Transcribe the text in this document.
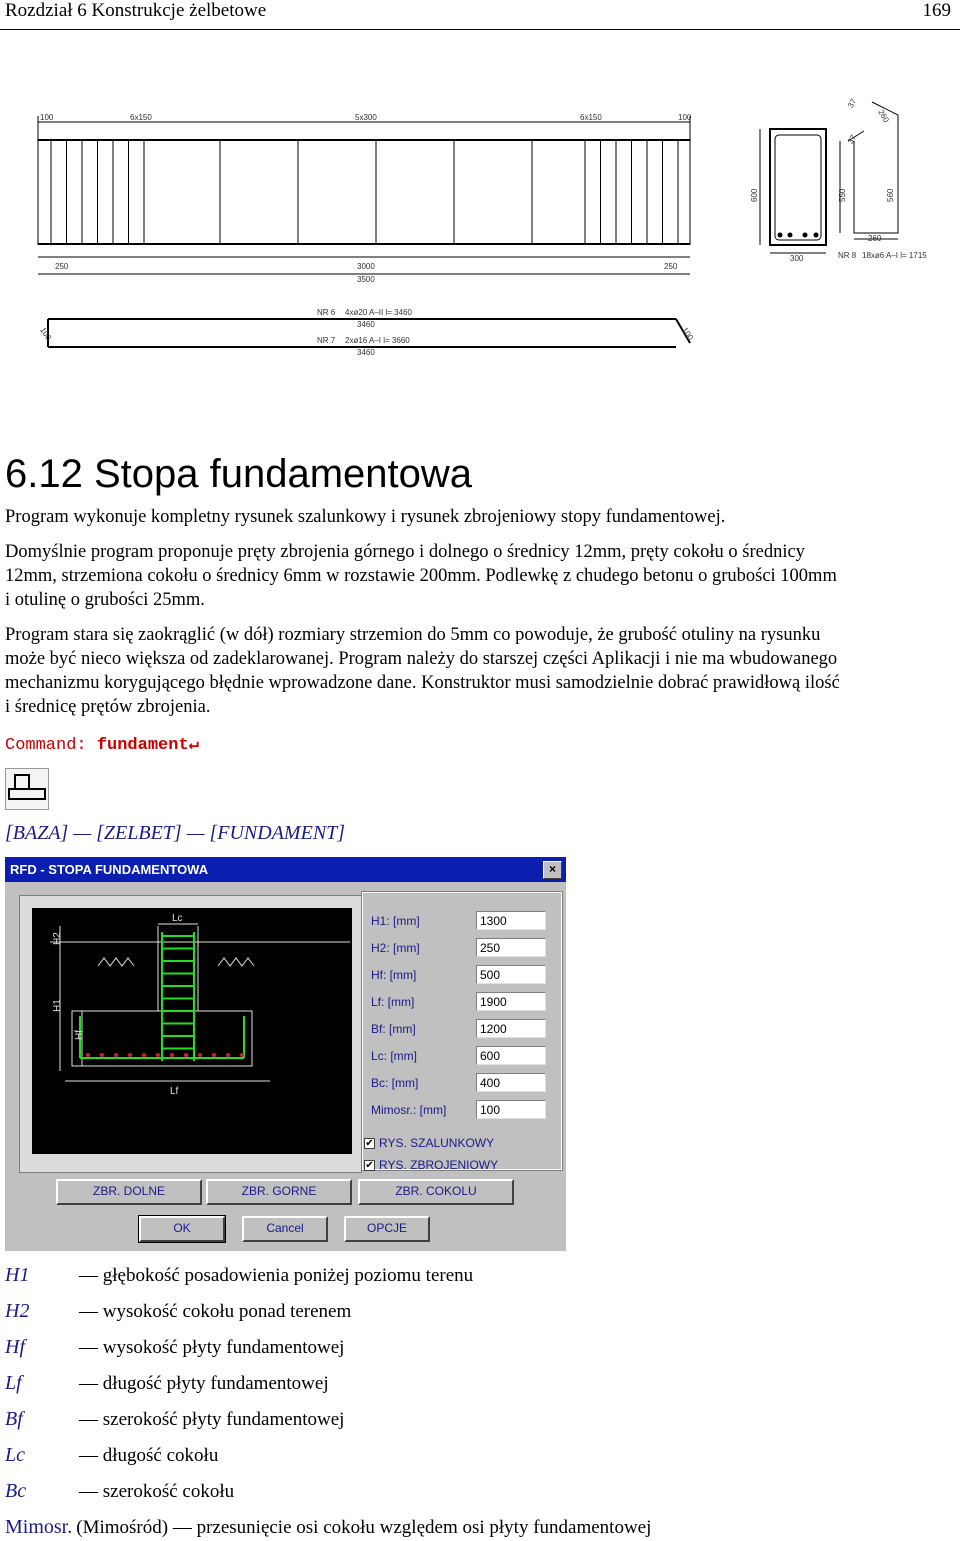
Rozdział 6 Konstrukcje żelbetowe	169
100	6x150	5x300	6x150	100
250	3000	250
3500
600	550	560
300
260
37
37
260
NR 8 18xø6 A–I l= 1715
NR 6 4xø20 A–II l= 3460
3460
NR 7 2xø16 A–I l= 3660
3460
100	100
6.12 Stopa fundamentowa
Program wykonuje kompletny rysunek szalunkowy i rysunek zbrojeniowy stopy fundamentowej.
Domyślnie program proponuje pręty zbrojenia górnego i dolnego o średnicy 12mm, pręty cokołu o średnicy
12mm, strzemiona cokołu o średnicy 6mm w rozstawie 200mm. Podlewkę z chudego betonu o grubości 100mm
i otulinę o grubości 25mm.
Program stara się zaokrąglić (w dół) rozmiary strzemion do 5mm co powoduje, że grubość otuliny na rysunku
może być nieco większa od zadeklarowanej. Program należy do starszej części Aplikacji i nie ma wbudowanego
mechanizmu korygującego błędnie wprowadzone dane. Konstruktor musi samodzielnie dobrać prawidłową ilość
i średnicę prętów zbrojenia.
Command: fundament↵
[BAZA] — [ZELBET] — [FUNDAMENT]
RFD - STOPA FUNDAMENTOWA	×
Lc
Lf
H2
H1
Hf
H1: [mm]	1300
H2: [mm]	250
Hf: [mm]	500
Lf: [mm]	1900
Bf: [mm]	1200
Lc: [mm]	600
Bc: [mm]	400
Mimosr.: [mm]	100
✔ RYS. SZALUNKOWY
✔ RYS. ZBROJENIOWY
ZBR. DOLNE	ZBR. GORNE	ZBR. COKOLU
OK	Cancel	OPCJE
H1	— głębokość posadowienia poniżej poziomu terenu
H2	— wysokość cokołu ponad terenem
Hf	— wysokość płyty fundamentowej
Lf	— długość płyty fundamentowej
Bf	— szerokość płyty fundamentowej
Lc	— długość cokołu
Bc	— szerokość cokołu
Mimosr. (Mimośród) — przesunięcie osi cokołu względem osi płyty fundamentowej
